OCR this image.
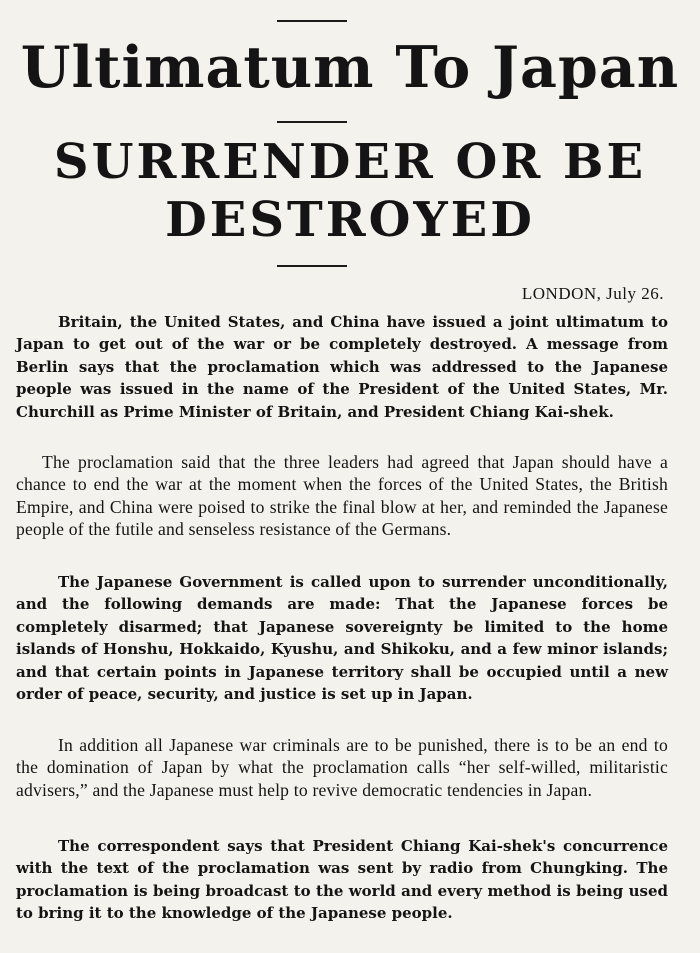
Ultimatum To Japan
SURRENDER OR BE
DESTROYED
LONDON, July 26.

Britain, the United States, and China have issued a joint ultimatum to Japan to get out of the war or be completely destroyed. A message from Berlin says that the proclamation which was addressed to the Japanese people was issued in the name of the President of the United States, Mr. Churchill as Prime Minister of Britain, and President Chiang Kai-shek.

The proclamation said that the three leaders had agreed that Japan should have a chance to end the war at the moment when the forces of the United States, the British Empire, and China were poised to strike the final blow at her, and reminded the Japanese people of the futile and senseless resistance of the Germans.

The Japanese Government is called upon to surrender unconditionally, and the following demands are made: That the Japanese forces be completely disarmed; that Japanese sovereignty be limited to the home islands of Honshu, Hokkaido, Kyushu, and Shikoku, and a few minor islands; and that certain points in Japanese territory shall be occupied until a new order of peace, security, and justice is set up in Japan.

In addition all Japanese war criminals are to be punished, there is to be an end to the domination of Japan by what the proclamation calls “her self-willed, militaristic advisers,” and the Japanese must help to revive democratic tendencies in Japan.

The correspondent says that President Chiang Kai-shek's concurrence with the text of the proclamation was sent by radio from Chungking. The proclamation is being broadcast to the world and every method is being used to bring it to the knowledge of the Japanese people.
